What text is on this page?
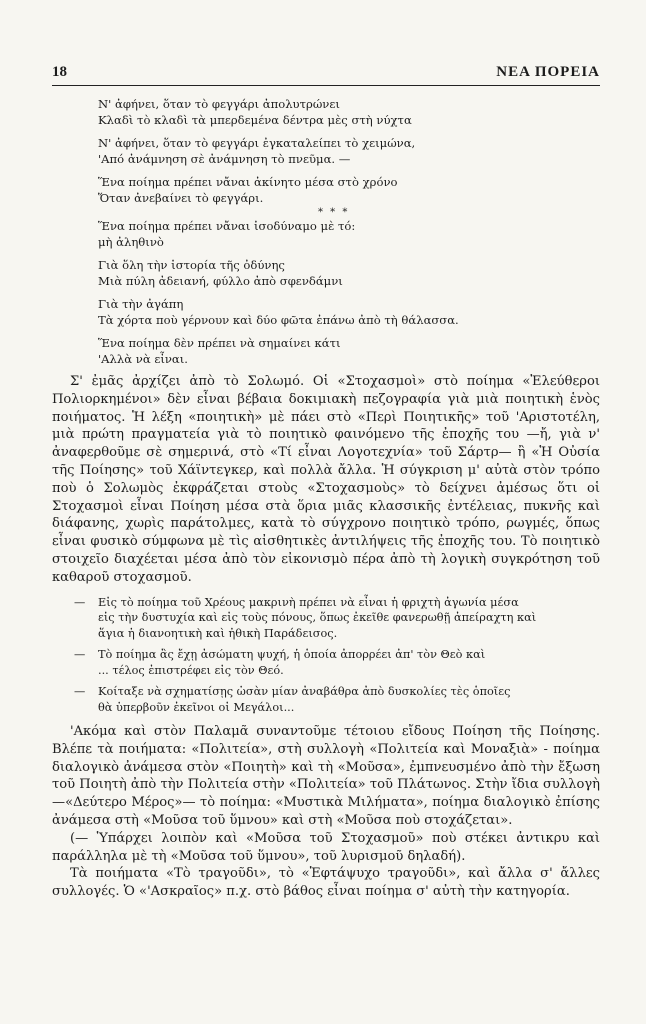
18	ΝΕΑ ΠΟΡΕΙΑ
Ν' ἀφήνει, ὅταν τὸ φεγγάρι ἀπολυτρώνει
Κλαδὶ τὸ κλαδὶ τὰ μπερδεμένα δέντρα μὲς στὴ νύχτα
Ν' ἀφήνει, ὅταν τὸ φεγγάρι ἐγκαταλείπει τὸ χειμώνα,
'Από ἀνάμνηση σὲ ἀνάμνηση τὸ πνεῦμα. —
Ἕνα ποίημα πρέπει νἄναι ἀκίνητο μέσα στὸ χρόνο
Ὅταν ἀνεβαίνει τὸ φεγγάρι.
* * *
Ἕνα ποίημα πρέπει νἄναι ἰσοδύναμο μὲ τό:
μὴ ἀληθινὸ
Γιὰ ὅλη τὴν ἱστορία τῆς ὀδύνης
Μιὰ πύλη ἀδειανή, φύλλο ἀπὸ σφενδάμνι
Γιὰ τὴν ἀγάπη
Τὰ χόρτα ποὺ γέρνουν καὶ δύο φῶτα ἐπάνω ἀπὸ τὴ θάλασσα.
Ἕνα ποίημα δὲν πρέπει νὰ σημαίνει κάτι
'Αλλὰ νὰ εἶναι.

Σ' ἐμᾶς ἀρχίζει ἀπὸ τὸ Σολωμό. Οἱ «Στοχασμοὶ» στὸ ποίημα «Ἐλεύθεροι Πολιορκημένοι» δὲν εἶναι βέβαια δοκιμιακὴ πεζογραφία γιὰ μιὰ ποιητικὴ ἑνὸς ποιήματος. Ἡ λέξη «ποιητικὴ» μὲ πάει στὸ «Περὶ Ποιητικῆς» τοῦ 'Αριστοτέλη, μιὰ πρώτη πραγματεία γιὰ τὸ ποιητικὸ φαινόμενο τῆς ἐποχῆς του —ἤ, γιὰ ν' ἀναφερθοῦμε σὲ σημερινά, στὸ «Τί εἶναι Λογοτεχνία» τοῦ Σάρτρ— ἢ «Ἡ Οὐσία τῆς Ποίησης» τοῦ Χάϊντεγκερ, καὶ πολλὰ ἄλλα. Ἡ σύγκριση μ' αὐτὰ στὸν τρόπο ποὺ ὁ Σολωμὸς ἐκφράζεται στοὺς «Στοχασμοὺς» τὸ δείχνει ἀμέσως ὅτι οἱ Στοχασμοὶ εἶναι Ποίηση μέσα στὰ ὅρια μιᾶς κλασσικῆς ἐντέλειας, πυκνῆς καὶ διάφανης, χωρὶς παράτολμες, κατὰ τὸ σύγχρονο ποιητικὸ τρόπο, ρωγμές, ὅπως εἶναι φυσικὸ σύμφωνα μὲ τὶς αἰσθητικὲς ἀντιλήψεις τῆς ἐποχῆς του. Τὸ ποιητικὸ στοιχεῖο διαχέεται μέσα ἀπὸ τὸν εἰκονισμὸ πέρα ἀπὸ τὴ λογικὴ συγκρότηση τοῦ καθαροῦ στοχασμοῦ.

—	Εἰς τὸ ποίημα τοῦ Χρέους μακρινὴ πρέπει νὰ εἶναι ἡ φριχτὴ ἀγωνία μέσα
εἰς τὴν δυστυχία καὶ εἰς τοὺς πόνους, ὅπως ἐκεῖθε φανερωθῇ ἀπείραχτη καὶ
ἅγια ἡ διανοητικὴ καὶ ἠθικὴ Παράδεισος.
—	Τὸ ποίημα ἂς ἔχῃ ἀσώματη ψυχή, ἡ ὁποία ἀπορρέει ἀπ' τὸν Θεὸ καὶ
... τέλος ἐπιστρέφει εἰς τὸν Θεό.
—	Κοίταξε νὰ σχηματίσῃς ὡσὰν μίαν ἀναβάθρα ἀπὸ δυσκολίες τὲς ὁποῖες
θὰ ὑπερβοῦν ἐκεῖνοι οἱ Μεγάλοι...

'Ακόμα καὶ στὸν Παλαμᾶ συναντοῦμε τέτοιου εἴδους Ποίηση τῆς Ποίησης. Βλέπε τὰ ποιήματα: «Πολιτεία», στὴ συλλογὴ «Πολιτεία καὶ Μοναξιὰ» - ποίημα διαλογικὸ ἀνάμεσα στὸν «Ποιητὴ» καὶ τὴ «Μοῦσα», ἐμπνευσμένο ἀπὸ τὴν ἔξωση τοῦ Ποιητὴ ἀπὸ τὴν Πολιτεία στὴν «Πολιτεία» τοῦ Πλάτωνος. Στὴν ἴδια συλλογὴ —«Δεύτερο Μέρος»— τὸ ποίημα: «Μυστικὰ Μιλήματα», ποίημα διαλογικὸ ἐπίσης ἀνάμεσα στὴ «Μοῦσα τοῦ ὕμνου» καὶ στὴ «Μοῦσα ποὺ στοχάζεται».

(— Ὑπάρχει λοιπὸν καὶ «Μοῦσα τοῦ Στοχασμοῦ» ποὺ στέκει ἀντικρυ καὶ παράλληλα μὲ τὴ «Μοῦσα τοῦ ὕμνου», τοῦ λυρισμοῦ δηλαδή).

Τὰ ποιήματα «Τὸ τραγοῦδι», τὸ «Ἑφτάψυχο τραγοῦδι», καὶ ἄλλα σ' ἄλλες συλλογές. Ὁ «'Ασκραῖος» π.χ. στὸ βάθος εἶναι ποίημα σ' αὐτὴ τὴν κατηγορία.
